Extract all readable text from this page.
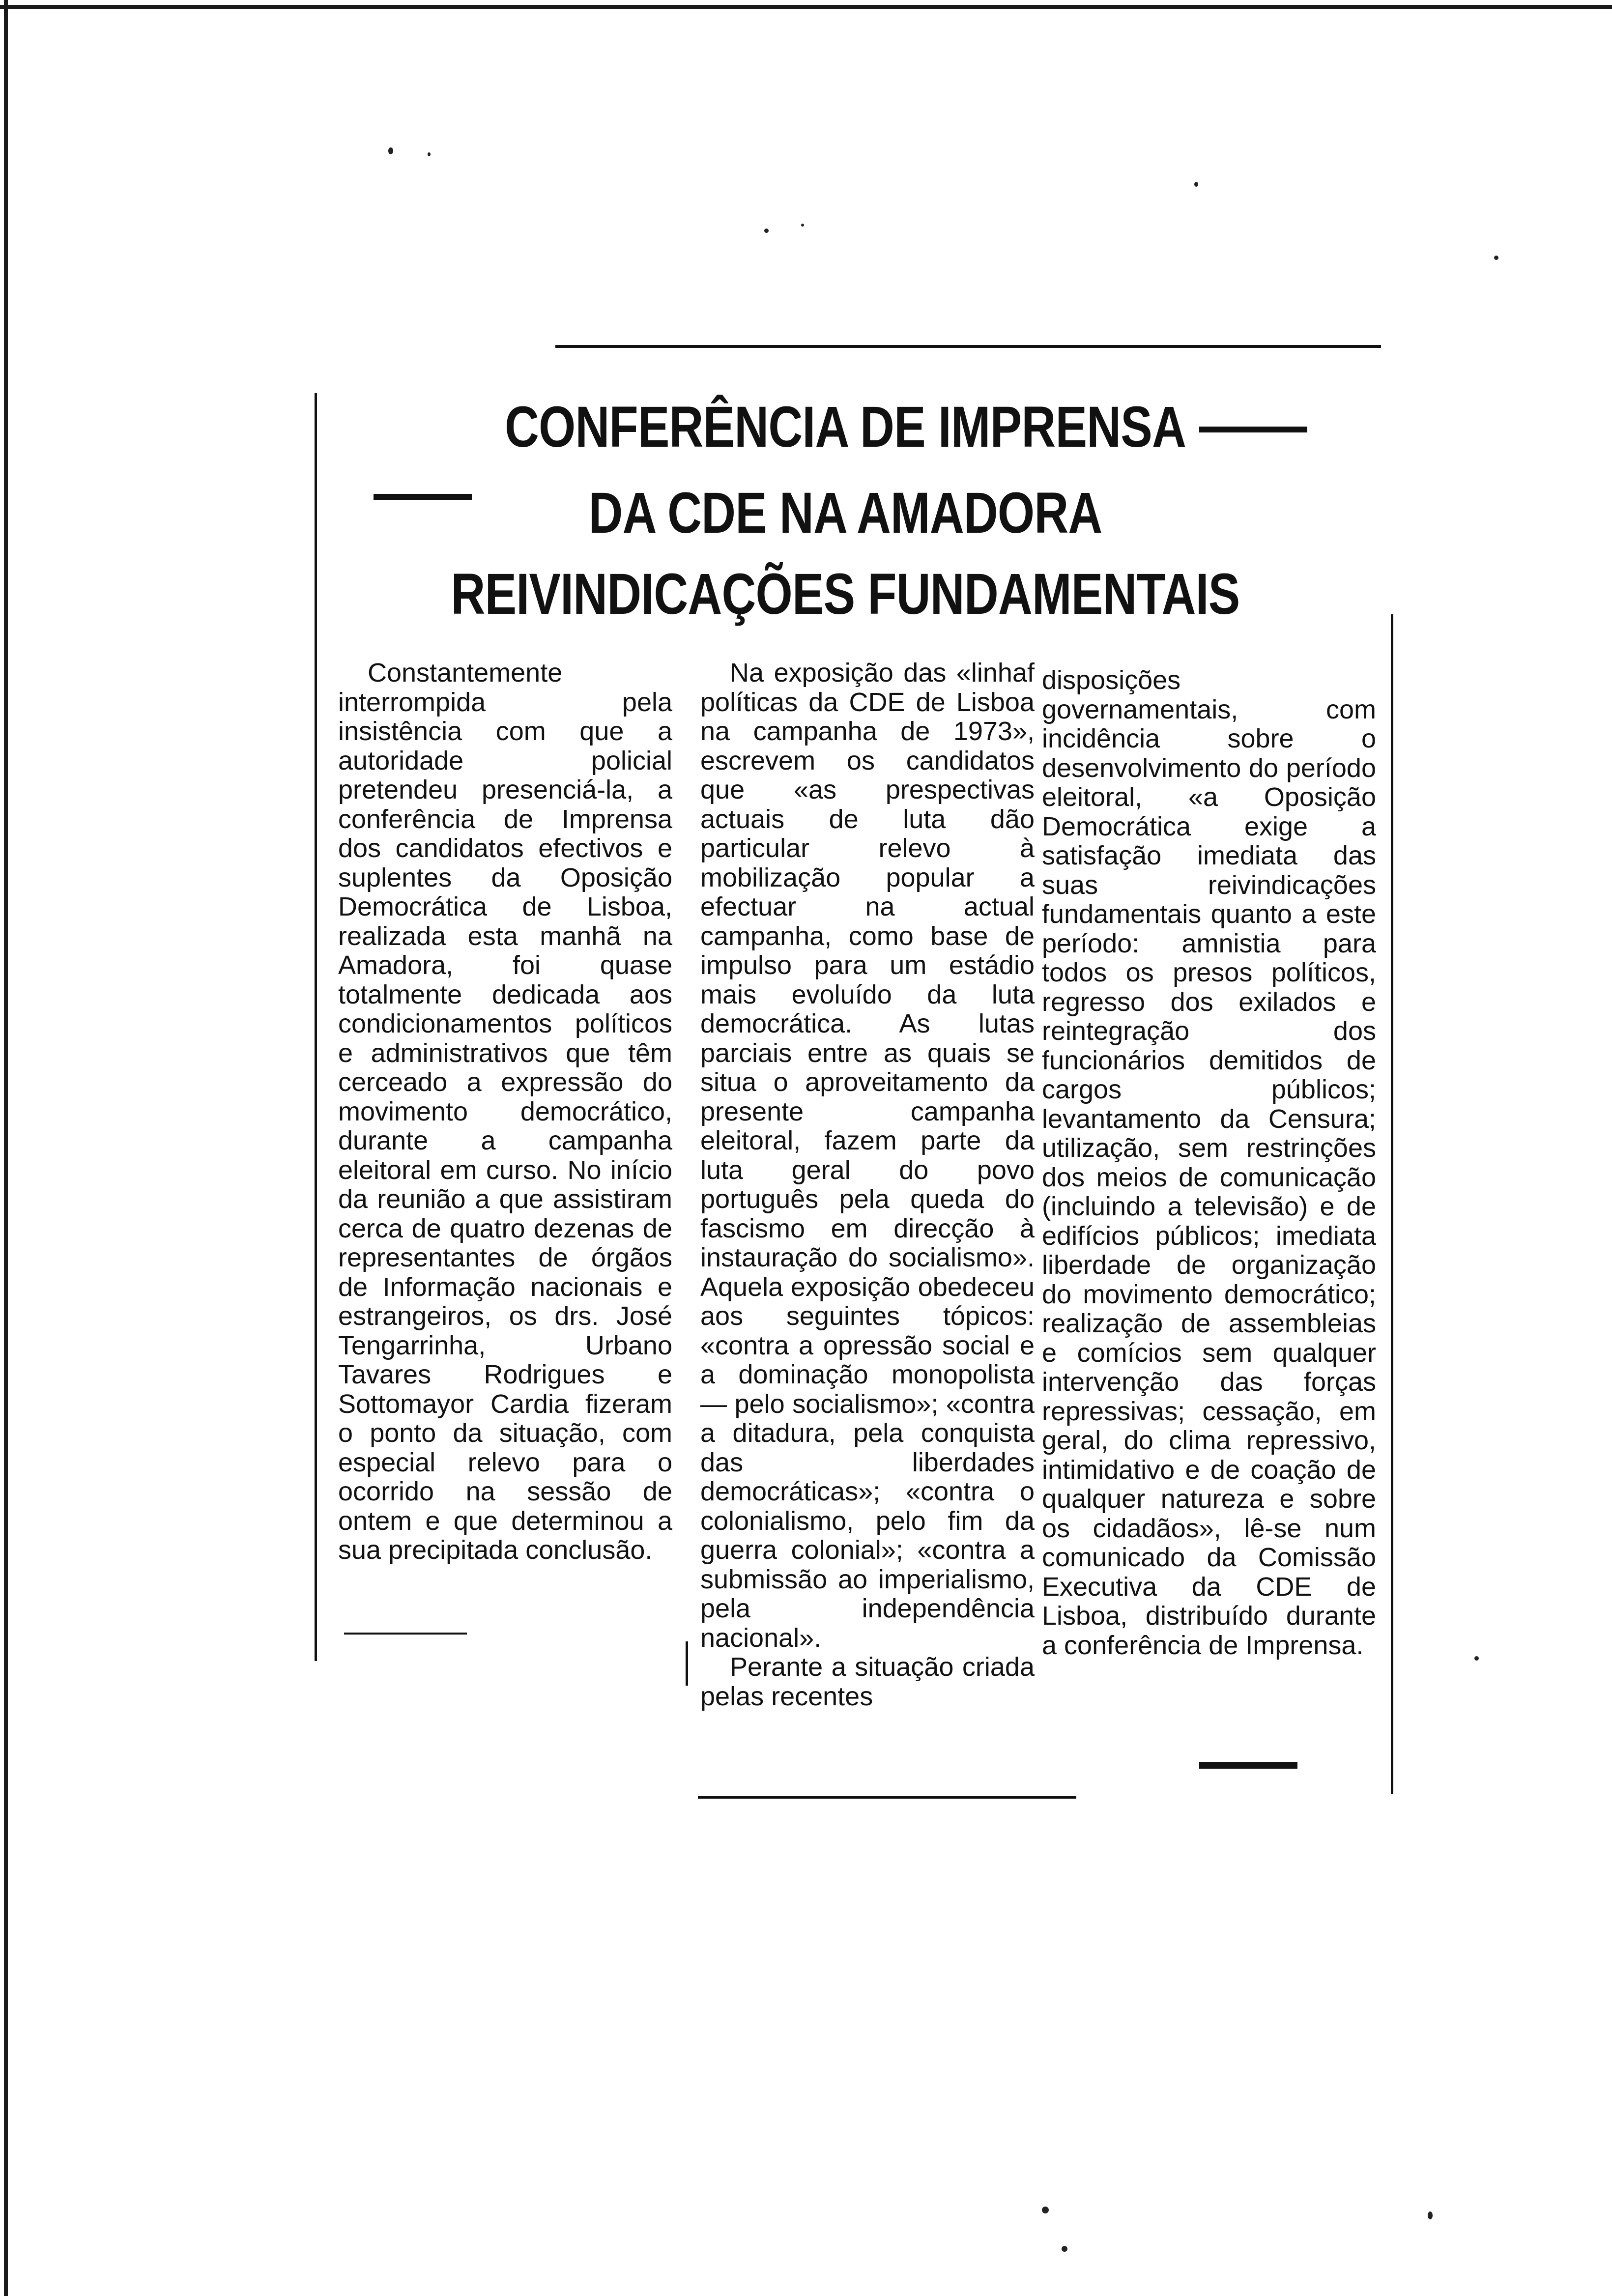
CONFERÊNCIA DE IMPRENSA
DA CDE NA AMADORA
REIVINDICAÇÕES FUNDAMENTAIS

Constantemente interrompida pela insistência com que a autoridade policial pretendeu presenciá-la, a conferência de Imprensa dos candidatos efectivos e suplentes da Oposição Democrática de Lisboa, realizada esta manhã na Amadora, foi quase totalmente dedicada aos condicionamentos políticos e administrativos que têm cerceado a expressão do movimento democrático, durante a campanha eleitoral em curso. No início da reunião a que assistiram cerca de quatro dezenas de representantes de órgãos de Informação nacionais e estrangeiros, os drs. José Tengarrinha, Urbano Tavares Rodrigues e Sottomayor Cardia fizeram o ponto da situação, com especial relevo para o ocorrido na sessão de ontem e que determinou a sua precipitada conclusão.

Na exposição das «linhaf políticas da CDE de Lisboa na campanha de 1973», escrevem os candidatos que «as prespectivas actuais de luta dão particular relevo à mobilização popular a efectuar na actual campanha, como base de impulso para um estádio mais evoluído da luta democrática. As lutas parciais entre as quais se situa o aproveitamento da presente campanha eleitoral, fazem parte da luta geral do povo português pela queda do fascismo em direcção à instauração do socialismo». Aquela exposição obedeceu aos seguintes tópicos: «contra a opressão social e a dominação monopolista — pelo socialismo»; «contra a ditadura, pela conquista das liberdades democráticas»; «contra o colonialismo, pelo fim da guerra colonial»; «contra a submissão ao imperialismo, pela independência nacional».

Perante a situação criada pelas recentes

disposições governamentais, com incidência sobre o desenvolvimento do período eleitoral, «a Oposição Democrática exige a satisfação imediata das suas reivindicações fundamentais quanto a este período: amnistia para todos os presos políticos, regresso dos exilados e reintegração dos funcionários demitidos de cargos públicos; levantamento da Censura; utilização, sem restrinções dos meios de comunicação (incluindo a televisão) e de edifícios públicos; imediata liberdade de organização do movimento democrático; realização de assembleias e comícios sem qualquer intervenção das forças repressivas; cessação, em geral, do clima repressivo, intimidativo e de coação de qualquer natureza e sobre os cidadãos», lê-se num comunicado da Comissão Executiva da CDE de Lisboa, distribuído durante a conferência de Imprensa.
